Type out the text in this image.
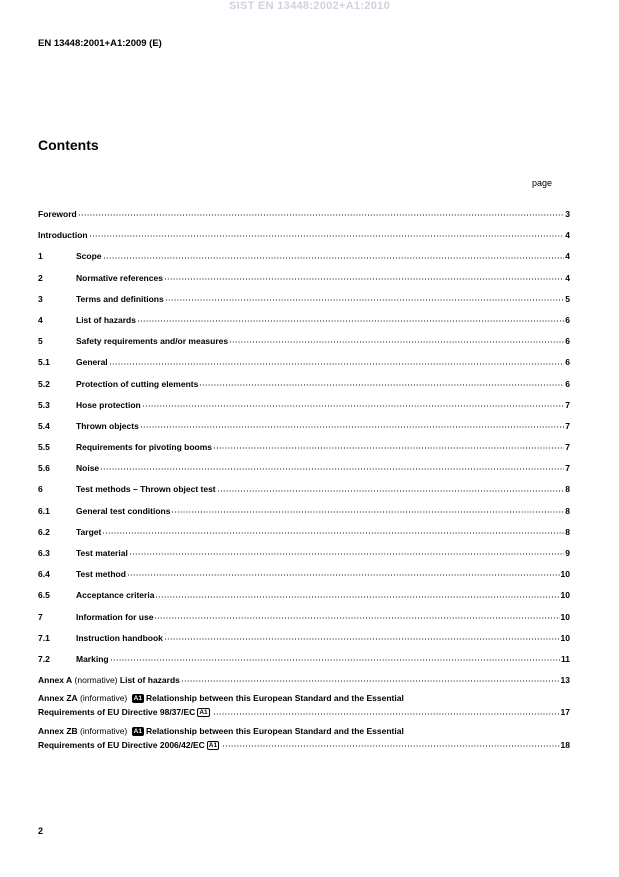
SIST EN 13448:2002+A1:2010
EN 13448:2001+A1:2009 (E)
Contents
page
Foreword	3
Introduction	4
1	Scope	4
2	Normative references	4
3	Terms and definitions	5
4	List of hazards	6
5	Safety requirements and/or measures	6
5.1	General	6
5.2	Protection of cutting elements	6
5.3	Hose protection	7
5.4	Thrown objects	7
5.5	Requirements for pivoting booms	7
5.6	Noise	7
6	Test methods – Thrown object test	8
6.1	General test conditions	8
6.2	Target	8
6.3	Test material	9
6.4	Test method	10
6.5	Acceptance criteria	10
7	Information for use	10
7.1	Instruction handbook	10
7.2	Marking	11
Annex A (normative) List of hazards	13
Annex ZA (informative) A1 Relationship between this European Standard and the Essential
Requirements of EU Directive 98/37/EC A1	17
Annex ZB (informative) A1 Relationship between this European Standard and the Essential
Requirements of EU Directive 2006/42/EC A1	18
2
